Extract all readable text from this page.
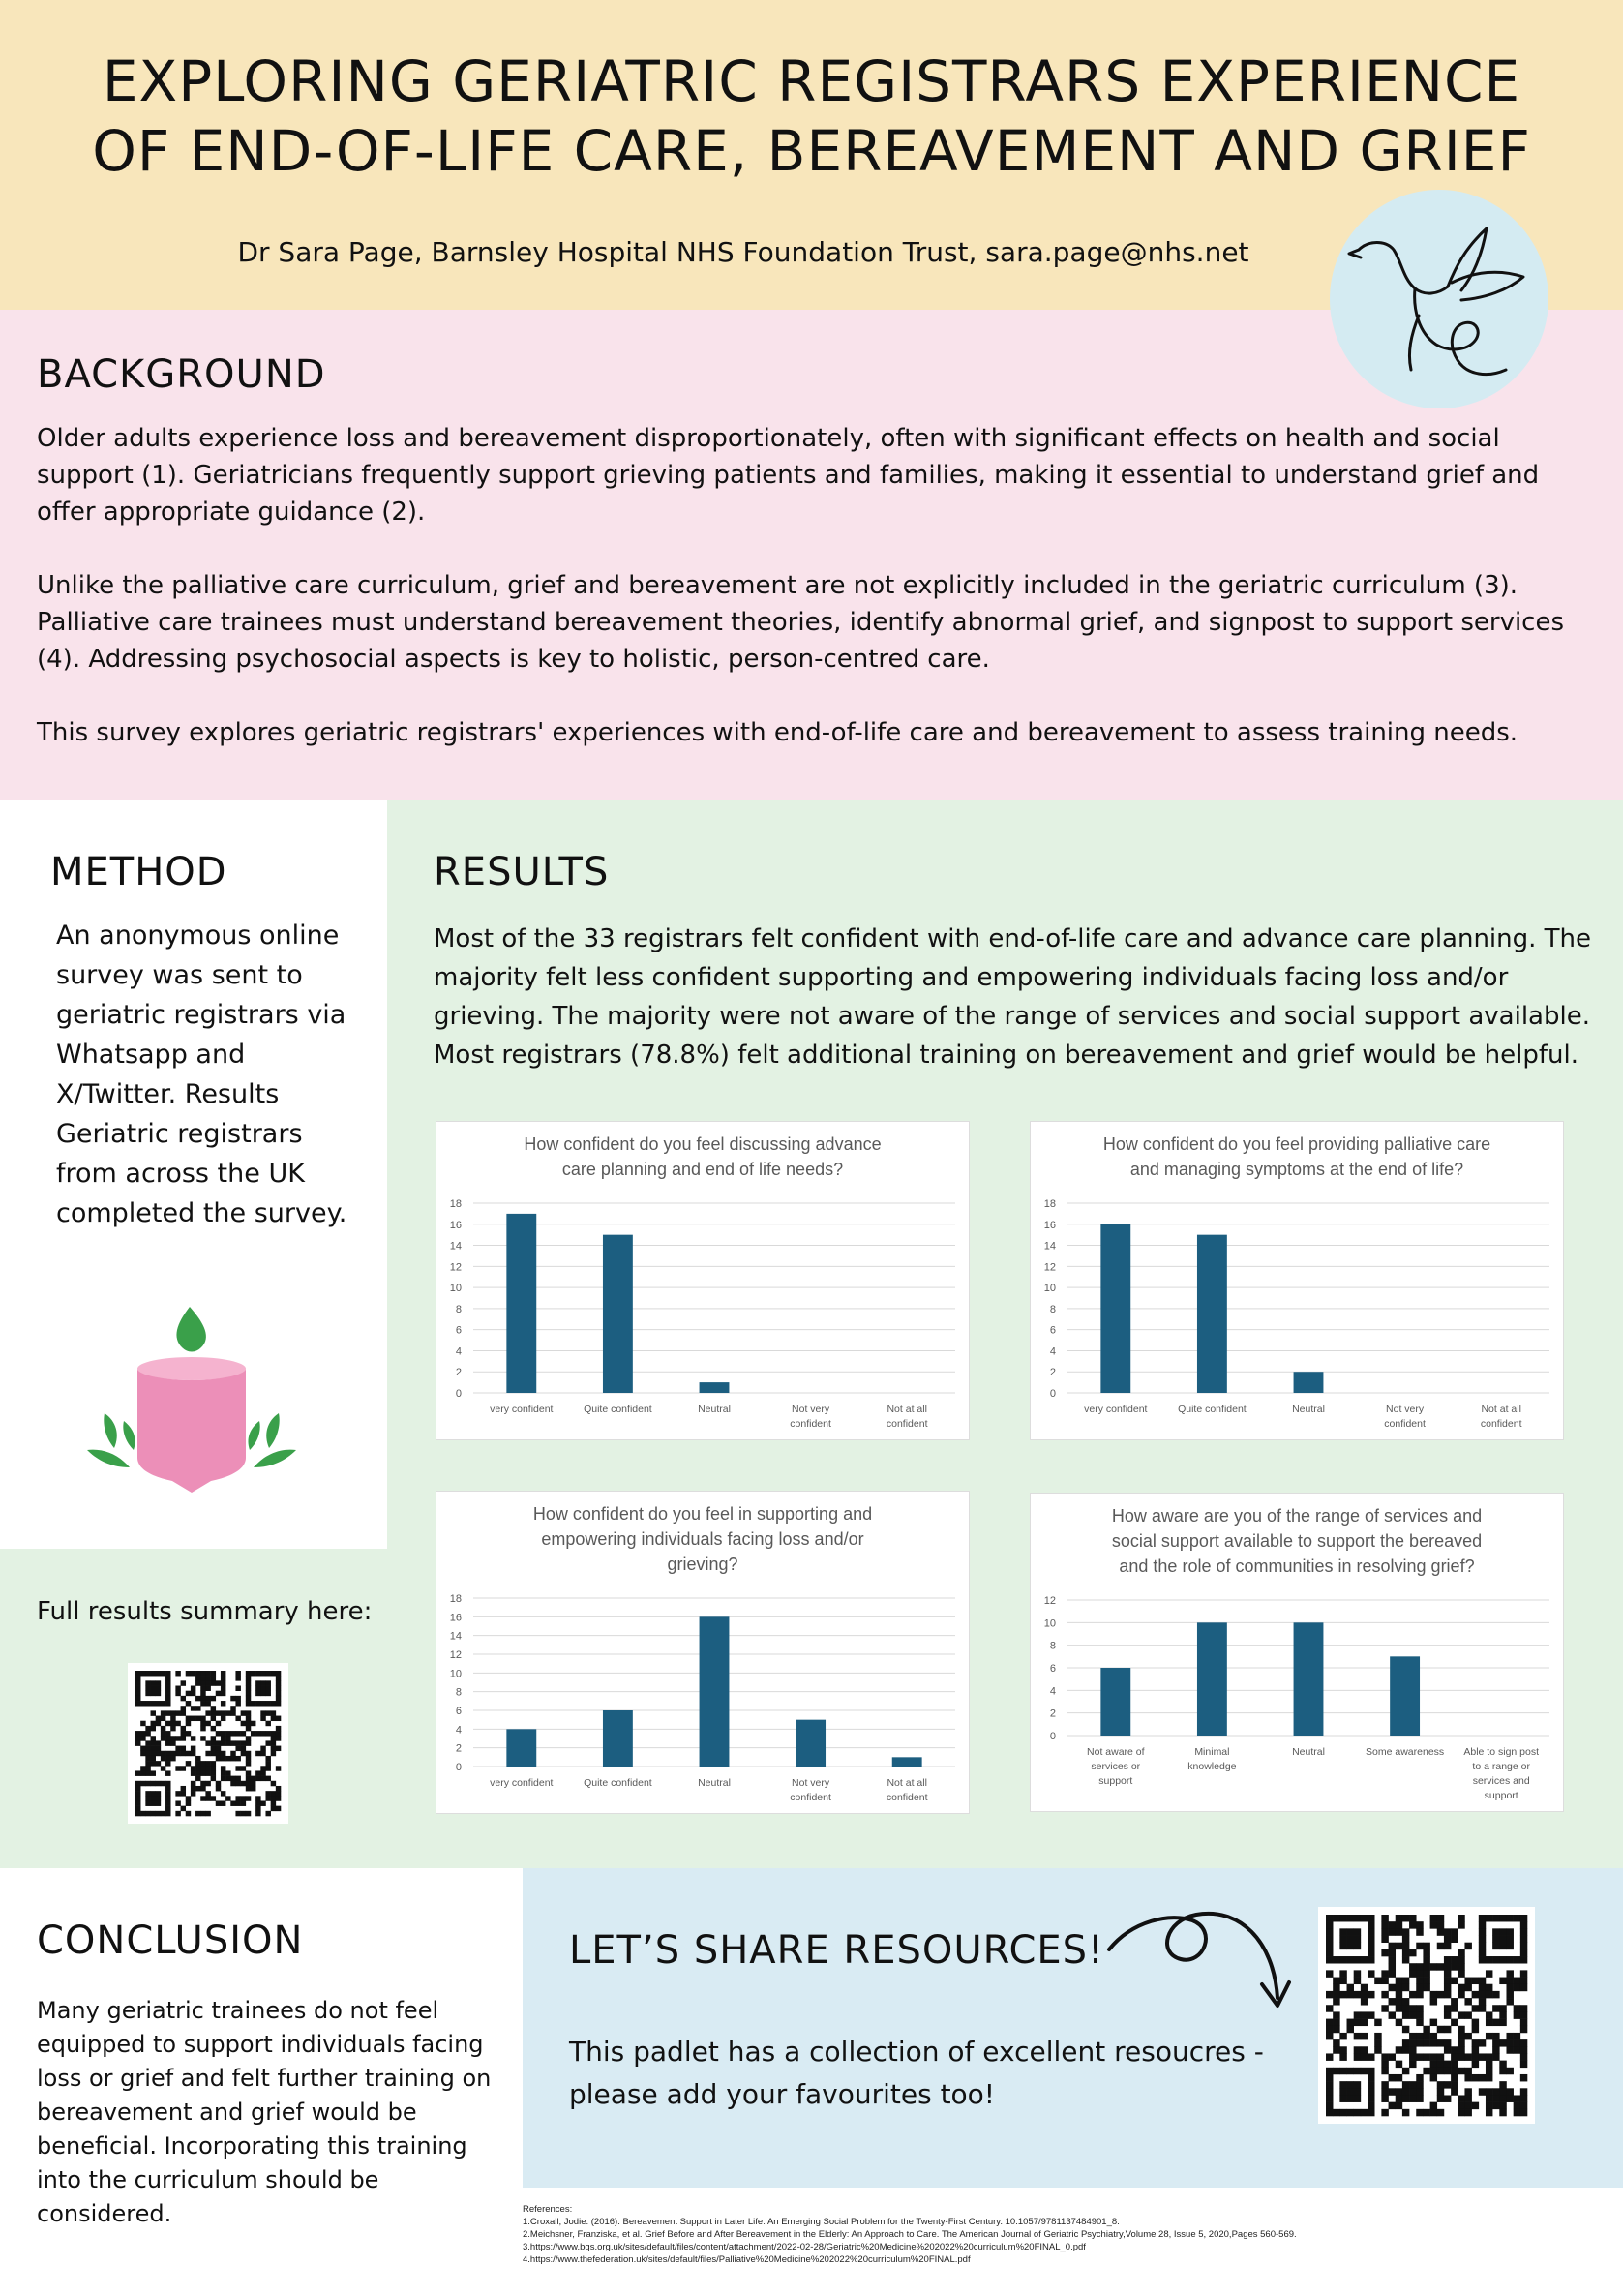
EXPLORING GERIATRIC REGISTRARS EXPERIENCE
OF END-OF-LIFE CARE, BEREAVEMENT AND GRIEF
Dr Sara Page, Barnsley Hospital NHS Foundation Trust, sara.page@nhs.net
BACKGROUND

Older adults experience loss and bereavement disproportionately, often with significant effects on health and social support (1). Geriatricians frequently support grieving patients and families, making it essential to understand grief and offer appropriate guidance (2).

Unlike the palliative care curriculum, grief and bereavement are not explicitly included in the geriatric curriculum (3). Palliative care trainees must understand bereavement theories, identify abnormal grief, and signpost to support services (4). Addressing psychosocial aspects is key to holistic, person-centred care.

This survey explores geriatric registrars' experiences with end-of-life care and bereavement to assess training needs.

METHOD

An anonymous online survey was sent to geriatric registrars via Whatsapp and X/Twitter. Results Geriatric registrars from across the UK completed the survey.

Full results summary here:
RESULTS

Most of the 33 registrars felt confident with end-of-life care and advance care planning. The majority felt less confident supporting and empowering individuals facing loss and/or grieving. The majority were not aware of the range of services and social support available. Most registrars (78.8%) felt additional training on bereavement and grief would be helpful.

How confident do you feel discussing advance
care planning and end of life needs?
0
2
4
6
8
10
12
14
16
18
very confident	Quite confident	Neutral	Not very
confident
Not at all
confident
How confident do you feel providing palliative care
and managing symptoms at the end of life?
0
2
4
6
8
10
12
14
16
18
very confident	Quite confident	Neutral	Not very
confident
Not at all
confident
How confident do you feel in supporting and
empowering individuals facing loss and/or
grieving?
0
2
4
6
8
10
12
14
16
18
very confident	Quite confident	Neutral	Not very
confident
Not at all
confident
How aware are you of the range of services and
social support available to support the bereaved
and the role of communities in resolving grief?
0
2
4
6
8
10
12
Not aware of
services or
support
Minimal
knowledge
Neutral	Some awareness Able to sign post
to a range or
services and
support
CONCLUSION

Many geriatric trainees do not feel equipped to support individuals facing loss or grief and felt further training on bereavement and grief would be beneficial. Incorporating this training into the curriculum should be considered.

LET’S SHARE RESOURCES!

This padlet has a collection of excellent resoucres - please add your favourites too!

References:
1.Croxall, Jodie. (2016). Bereavement Support in Later Life: An Emerging Social Problem for the Twenty-First Century. 10.1057/9781137484901_8.
2.Meichsner, Franziska, et al. Grief Before and After Bereavement in the Elderly: An Approach to Care. The American Journal of Geriatric Psychiatry,Volume 28, Issue 5, 2020,Pages 560-569.
3.https://www.bgs.org.uk/sites/default/files/content/attachment/2022-02-28/Geriatric%20Medicine%202022%20curriculum%20FINAL_0.pdf
4.https://www.thefederation.uk/sites/default/files/Palliative%20Medicine%202022%20curriculum%20FINAL.pdf
